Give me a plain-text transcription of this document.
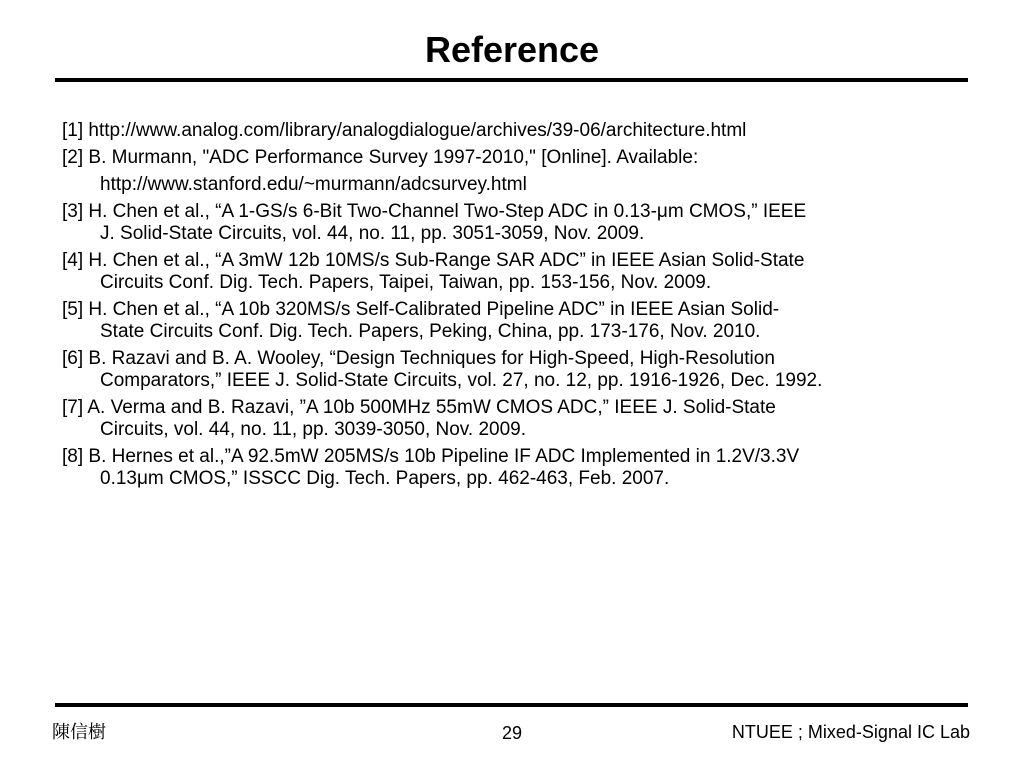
Reference
[1] http://www.analog.com/library/analogdialogue/archives/39-06/architecture.html
[2] B. Murmann, "ADC Performance Survey 1997-2010," [Online]. Available:
http://www.stanford.edu/~murmann/adcsurvey.html
[3] H. Chen et al., “A 1-GS/s 6-Bit Two-Channel Two-Step ADC in 0.13-μm CMOS,” IEEE
J. Solid-State Circuits, vol. 44, no. 11, pp. 3051-3059, Nov. 2009.
[4] H. Chen et al., “A 3mW 12b 10MS/s Sub-Range SAR ADC” in IEEE Asian Solid-State
Circuits Conf. Dig. Tech. Papers, Taipei, Taiwan, pp. 153-156, Nov. 2009.
[5] H. Chen et al., “A 10b 320MS/s Self-Calibrated Pipeline ADC” in IEEE Asian Solid-
State Circuits Conf. Dig. Tech. Papers, Peking, China, pp. 173-176, Nov. 2010.
[6] B. Razavi and B. A. Wooley, “Design Techniques for High-Speed, High-Resolution
Comparators,” IEEE J. Solid-State Circuits, vol. 27, no. 12, pp. 1916-1926, Dec. 1992.
[7] A. Verma and B. Razavi, ”A 10b 500MHz 55mW CMOS ADC,” IEEE J. Solid-State
Circuits, vol. 44, no. 11, pp. 3039-3050, Nov. 2009.
[8] B. Hernes et al.,”A 92.5mW 205MS/s 10b Pipeline IF ADC Implemented in 1.2V/3.3V
0.13μm CMOS,” ISSCC Dig. Tech. Papers, pp. 462-463, Feb. 2007.
陳信樹	29	NTUEE ; Mixed-Signal IC Lab
